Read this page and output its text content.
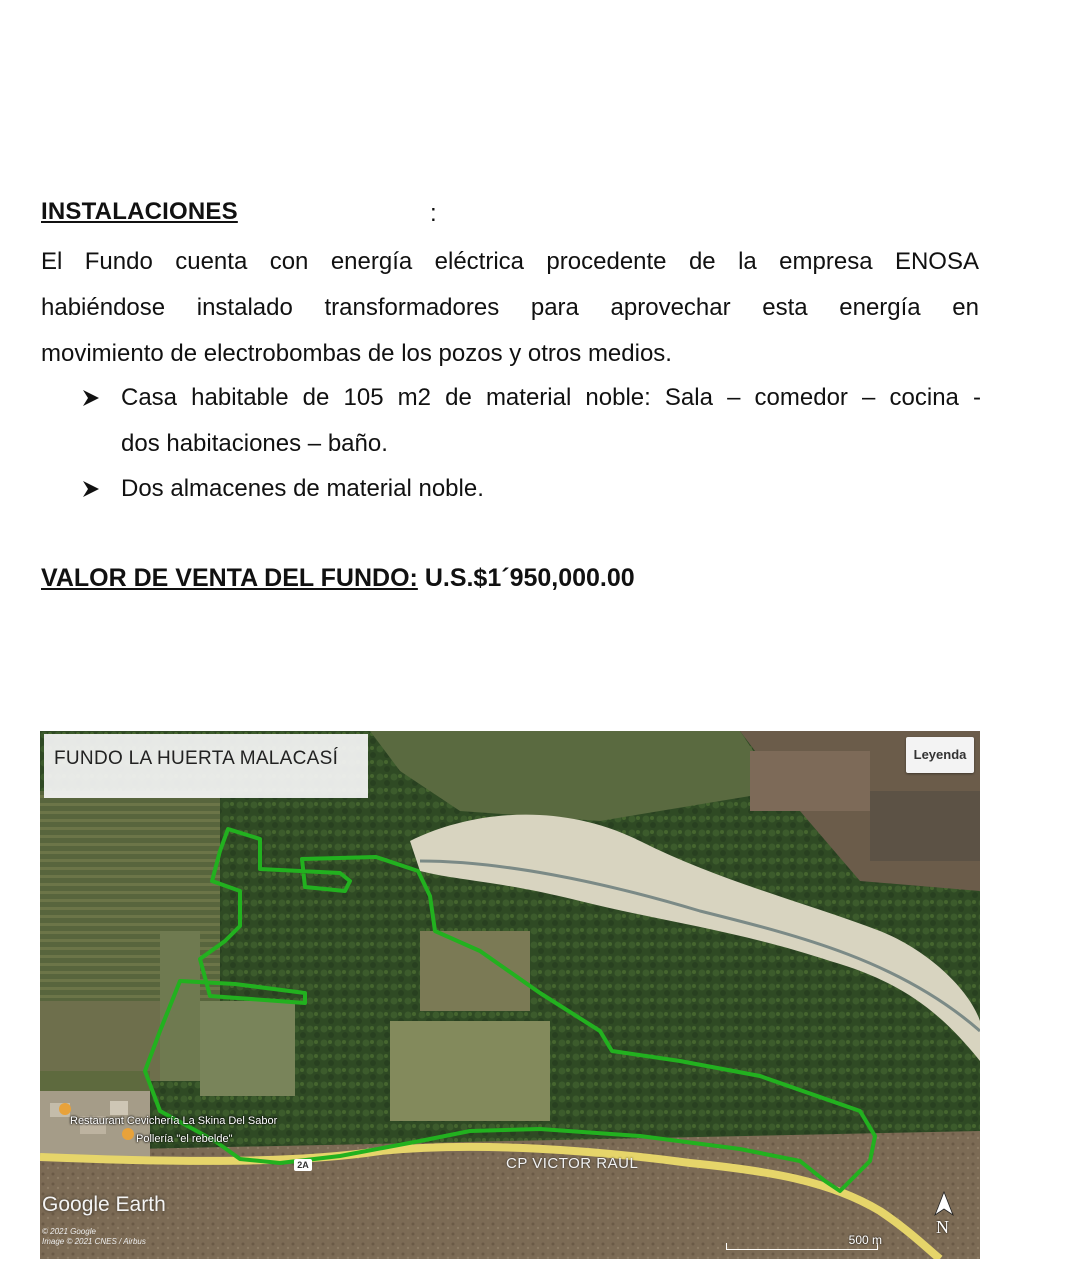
INSTALACIONES	:
El Fundo cuenta con energía eléctrica procedente de la empresa ENOSA
habiéndose instalado transformadores para aprovechar esta energía en
movimiento de electrobombas de los pozos y otros medios.
Casa habitable de 105 m2 de material noble: Sala – comedor – cocina -
dos habitaciones – baño.
Dos almacenes de material noble.
VALOR DE VENTA DEL FUNDO: U.S.$1´950,000.00
FUNDO LA HUERTA MALACASÍ	Leyenda
Restaurant Cevichería La Skina Del Sabor
Pollería "el rebelde"
2A	CP VICTOR RAUL
Google Earth
© 2021 Google
Image © 2021 CNES / Airbus	500 m
N
